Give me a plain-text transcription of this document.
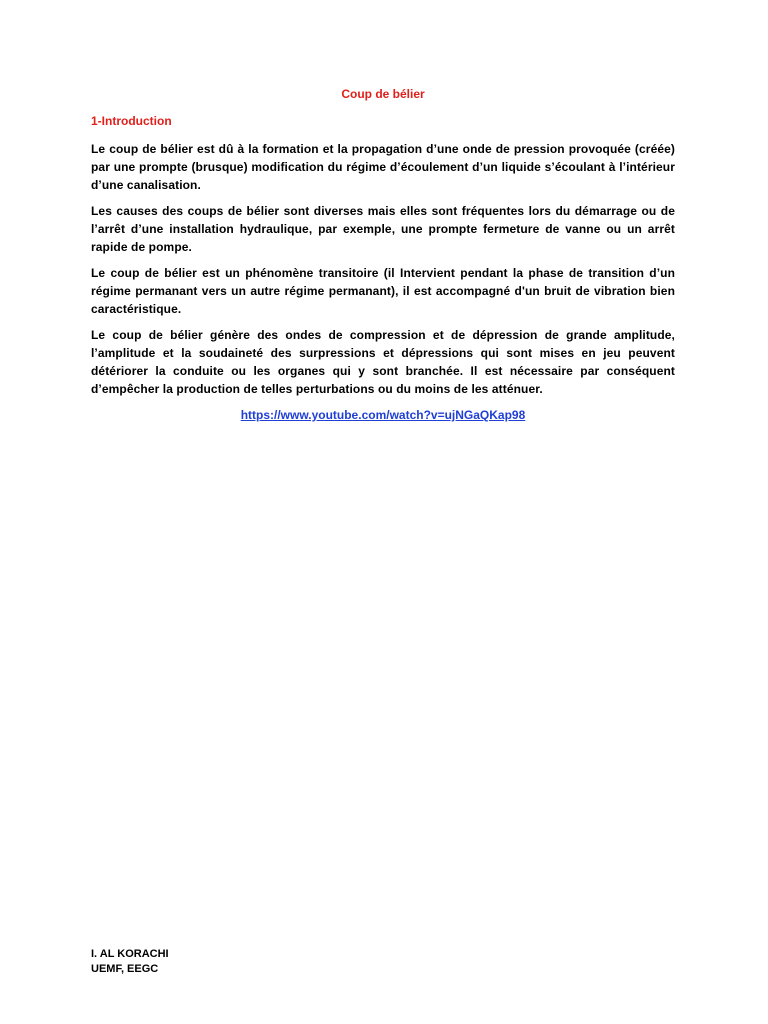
Coup de bélier
1-Introduction

Le coup de bélier est dû à la formation et la propagation d’une onde de pression provoquée (créée) par une prompte (brusque) modification du régime d’écoulement d’un liquide s’écoulant à l’intérieur d’une canalisation.

Les causes des coups de bélier sont diverses mais elles sont fréquentes lors du démarrage ou de l’arrêt d’une installation hydraulique, par exemple, une prompte fermeture de vanne ou un arrêt rapide de pompe.

Le coup de bélier est un phénomène transitoire (il Intervient pendant la phase de transition d’un régime permanant vers un autre régime permanant), il est accompagné d'un bruit de vibration bien caractéristique.

Le coup de bélier génère des ondes de compression et de dépression de grande amplitude, l’amplitude et la soudaineté des surpressions et dépressions qui sont mises en jeu peuvent détériorer la conduite ou les organes qui y sont branchée. Il est nécessaire par conséquent d’empêcher la production de telles perturbations ou du moins de les atténuer.

https://www.youtube.com/watch?v=ujNGaQKap98

I. AL KORACHI
UEMF, EEGC
